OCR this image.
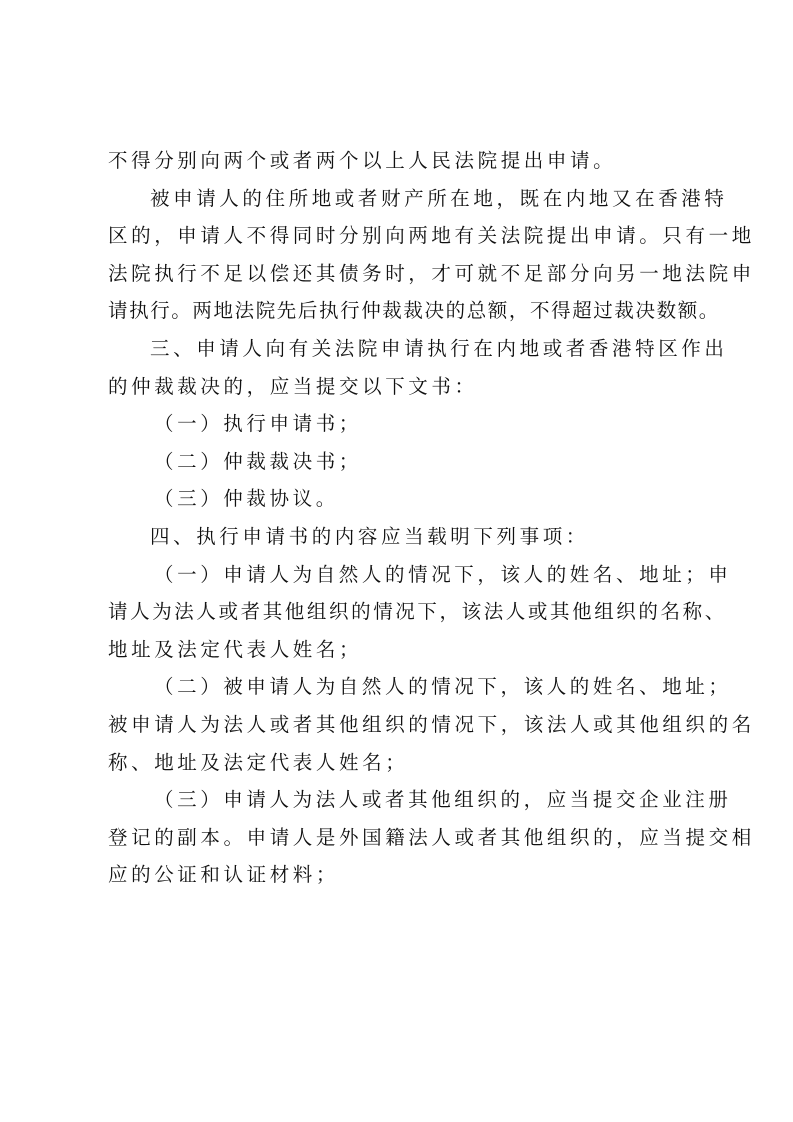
不得分别向两个或者两个以上人民法院提出申请。
被申请人的住所地或者财产所在地，既在内地又在香港特
区的，申请人不得同时分别向两地有关法院提出申请。只有一地
法院执行不足以偿还其债务时，才可就不足部分向另一地法院申
请执行。两地法院先后执行仲裁裁决的总额，不得超过裁决数额。
三、申请人向有关法院申请执行在内地或者香港特区作出
的仲裁裁决的，应当提交以下文书：
（一）执行申请书；
（二）仲裁裁决书；
（三）仲裁协议。
四、执行申请书的内容应当载明下列事项：
（一）申请人为自然人的情况下，该人的姓名、地址；申
请人为法人或者其他组织的情况下，该法人或其他组织的名称、
地址及法定代表人姓名；
（二）被申请人为自然人的情况下，该人的姓名、地址；
被申请人为法人或者其他组织的情况下，该法人或其他组织的名
称、地址及法定代表人姓名；
（三）申请人为法人或者其他组织的，应当提交企业注册
登记的副本。申请人是外国籍法人或者其他组织的，应当提交相
应的公证和认证材料；
